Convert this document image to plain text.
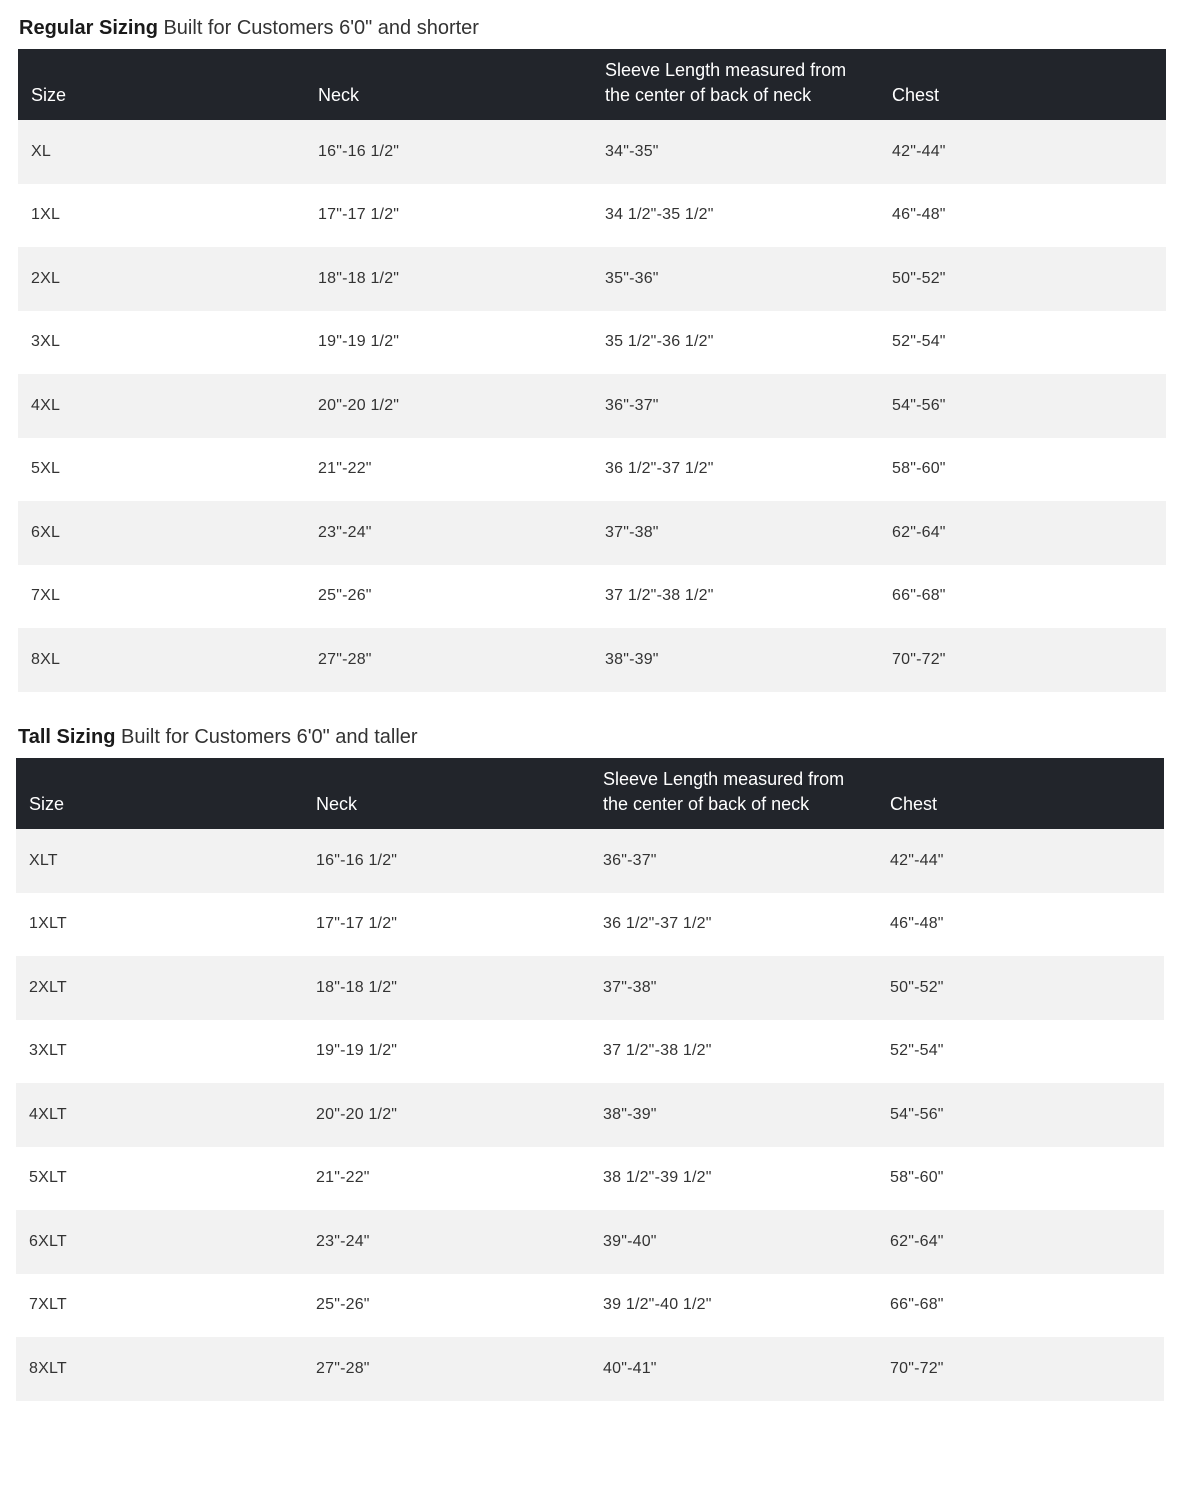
Regular Sizing Built for Customers 6'0" and shorter
Size	Neck	Sleeve Length measured from
the center of back of neck	Chest
XL	16"-16 1/2"	34"-35"	42"-44"
1XL	17"-17 1/2"	34 1/2"-35 1/2"	46"-48"
2XL	18"-18 1/2"	35"-36"	50"-52"
3XL	19"-19 1/2"	35 1/2"-36 1/2"	52"-54"
4XL	20"-20 1/2"	36"-37"	54"-56"
5XL	21"-22"	36 1/2"-37 1/2"	58"-60"
6XL	23"-24"	37"-38"	62"-64"
7XL	25"-26"	37 1/2"-38 1/2"	66"-68"
8XL	27"-28"	38"-39"	70"-72"
Tall Sizing Built for Customers 6'0" and taller
Size	Neck	Sleeve Length measured from
the center of back of neck	Chest
XLT	16"-16 1/2"	36"-37"	42"-44"
1XLT	17"-17 1/2"	36 1/2"-37 1/2"	46"-48"
2XLT	18"-18 1/2"	37"-38"	50"-52"
3XLT	19"-19 1/2"	37 1/2"-38 1/2"	52"-54"
4XLT	20"-20 1/2"	38"-39"	54"-56"
5XLT	21"-22"	38 1/2"-39 1/2"	58"-60"
6XLT	23"-24"	39"-40"	62"-64"
7XLT	25"-26"	39 1/2"-40 1/2"	66"-68"
8XLT	27"-28"	40"-41"	70"-72"
